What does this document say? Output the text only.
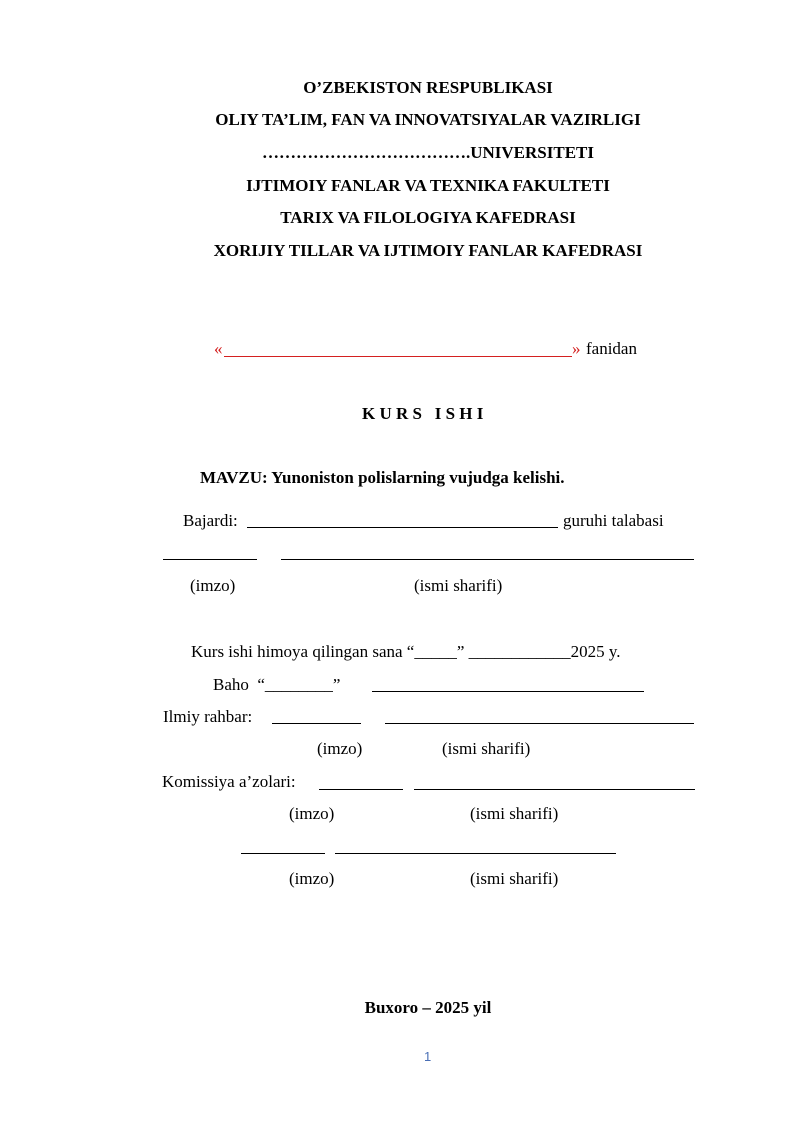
O’ZBEKISTON RESPUBLIKASI
OLIY TA’LIM, FAN VA INNOVATSIYALAR VAZIRLIGI
……………………………….UNIVERSITETI
IJTIMOIY FANLAR VA TEXNIKA FAKULTETI
TARIX VA FILOLOGIYA KAFEDRASI
XORIJIY TILLAR VA IJTIMOIY FANLAR KAFEDRASI
«	» fanidan
K U R S   I S H I
MAVZU: Yunoniston polislarning vujudga kelishi.
Bajardi:	guruhi talabasi
(imzo)	(ismi sharifi)
Kurs ishi himoya qilingan sana “_____” ____________2025 y.
Baho  “________”
Ilmiy rahbar:
(imzo)	(ismi sharifi)
Komissiya a’zolari:
(imzo)	(ismi sharifi)
(imzo)	(ismi sharifi)
Buxoro – 2025 yil
1
